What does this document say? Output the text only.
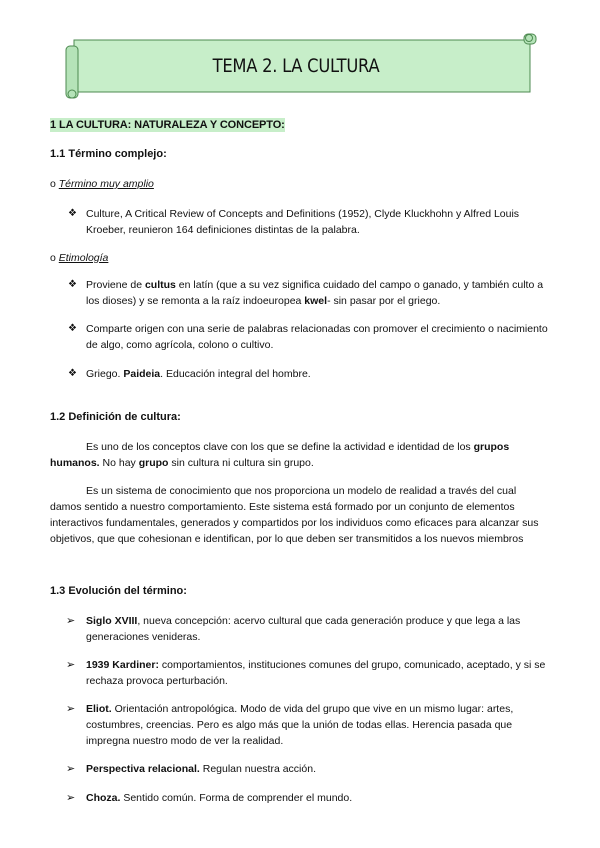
TEMA 2. LA CULTURA
1 LA CULTURA: NATURALEZA Y CONCEPTO:
1.1 Término complejo:
o Término muy amplio
❖ Culture, A Critical Review of Concepts and Definitions (1952), Clyde Kluckhohn y Alfred Louis Kroeber, reunieron 164 definiciones distintas de la palabra.
o Etimología
❖ Proviene de cultus en latín (que a su vez significa cuidado del campo o ganado, y también culto a los dioses) y se remonta a la raíz indoeuropea kwel- sin pasar por el griego.
❖ Comparte origen con una serie de palabras relacionadas con promover el crecimiento o nacimiento de algo, como agrícola, colono o cultivo.
❖ Griego. Paideia. Educación integral del hombre.
1.2 Definición de cultura:
Es uno de los conceptos clave con los que se define la actividad e identidad de los grupos humanos. No hay grupo sin cultura ni cultura sin grupo.
Es un sistema de conocimiento que nos proporciona un modelo de realidad a través del cual damos sentido a nuestro comportamiento. Este sistema está formado por un conjunto de elementos interactivos fundamentales, generados y compartidos por los individuos como eficaces para alcanzar sus objetivos, que que cohesionan e identifican, por lo que deben ser transmitidos a los nuevos miembros
1.3 Evolución del término:
➢ Siglo XVIII, nueva concepción: acervo cultural que cada generación produce y que lega a las generaciones venideras.
➢ 1939 Kardiner: comportamientos, instituciones comunes del grupo, comunicado, aceptado, y si se rechaza provoca perturbación.
➢ Eliot. Orientación antropológica. Modo de vida del grupo que vive en un mismo lugar: artes, costumbres, creencias. Pero es algo más que la unión de todas ellas. Herencia pasada que impregna nuestro modo de ver la realidad.
➢ Perspectiva relacional. Regulan nuestra acción.
➢ Choza. Sentido común. Forma de comprender el mundo.
